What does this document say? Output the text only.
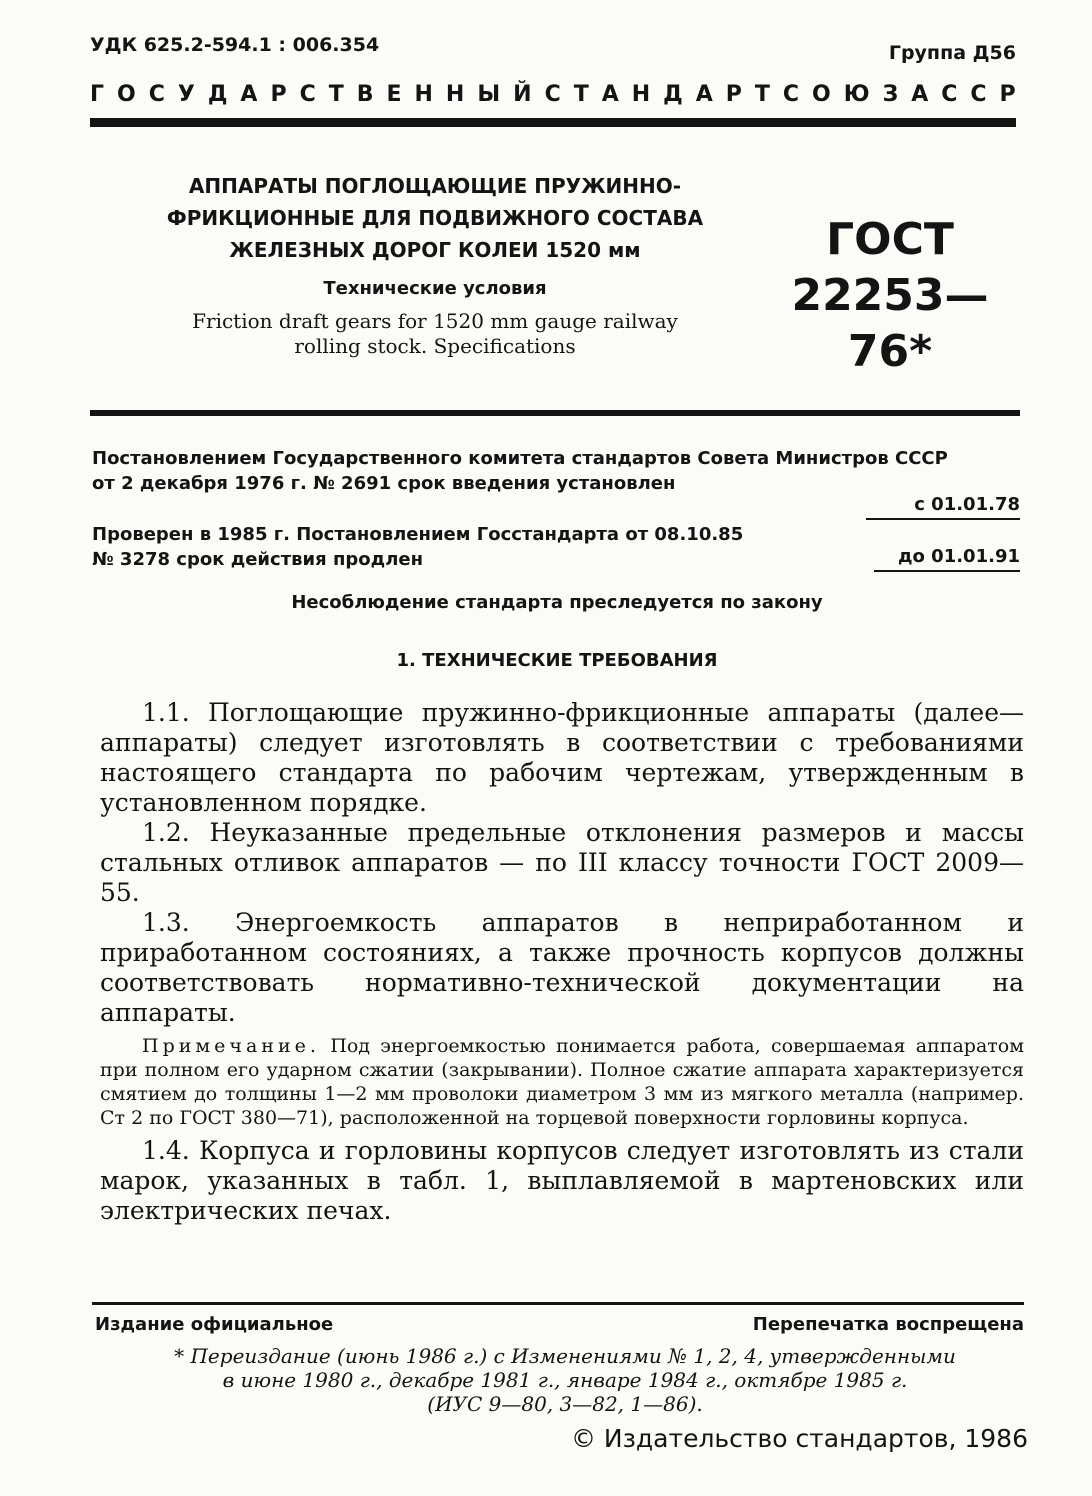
УДК 625.2-594.1 : 006.354	Группа Д56
ГОСУДАРСТВЕННЫЙ СТАНДАРТ СОЮЗА ССР
АППАРАТЫ ПОГЛОЩАЮЩИЕ ПРУЖИННО-
ФРИКЦИОННЫЕ ДЛЯ ПОДВИЖНОГО СОСТАВА
ЖЕЛЕЗНЫХ ДОРОГ КОЛЕИ 1520 мм
Технические условия
Friction draft gears for 1520 mm gauge railway
rolling stock. Specifications
ГОСТ
22253—76*
Постановлением Государственного комитета стандартов Совета Министров СССР
от 2 декабря 1976 г. № 2691 срок введения установлен
с 01.01.78
Проверен в 1985 г. Постановлением Госстандарта от 08.10.85
№ 3278 срок действия продлен	до 01.01.91
Несоблюдение стандарта преследуется по закону
1. ТЕХНИЧЕСКИЕ ТРЕБОВАНИЯ

1.1. Поглощающие пружинно-фрикционные аппараты (далее—аппараты) следует изготовлять в соответствии с требованиями настоящего стандарта по рабочим чертежам, утвержденным в установленном порядке.

1.2. Неуказанные предельные отклонения размеров и массы стальных отливок аппаратов — по III классу точности ГОСТ 2009—55.

1.3. Энергоемкость аппаратов в неприработанном и приработанном состояниях, а также прочность корпусов должны соответствовать нормативно-технической документации на аппараты.

Примечание. Под энергоемкостью понимается работа, совершаемая аппаратом при полном его ударном сжатии (закрывании). Полное сжатие аппарата характеризуется смятием до толщины 1—2 мм проволоки диаметром 3 мм из мягкого металла (например. Ст 2 по ГОСТ 380—71), расположенной на торцевой поверхности горловины корпуса.

1.4. Корпуса и горловины корпусов следует изготовлять из стали марок, указанных в табл. 1, выплавляемой в мартеновских или электрических печах.

Издание официальное	Перепечатка воспрещена
* Переиздание (июнь 1986 г.) с Изменениями № 1, 2, 4, утвержденными
в июне 1980 г., декабре 1981 г., январе 1984 г., октябре 1985 г.
(ИУС 9—80, 3—82, 1—86).
© Издательство стандартов, 1986
